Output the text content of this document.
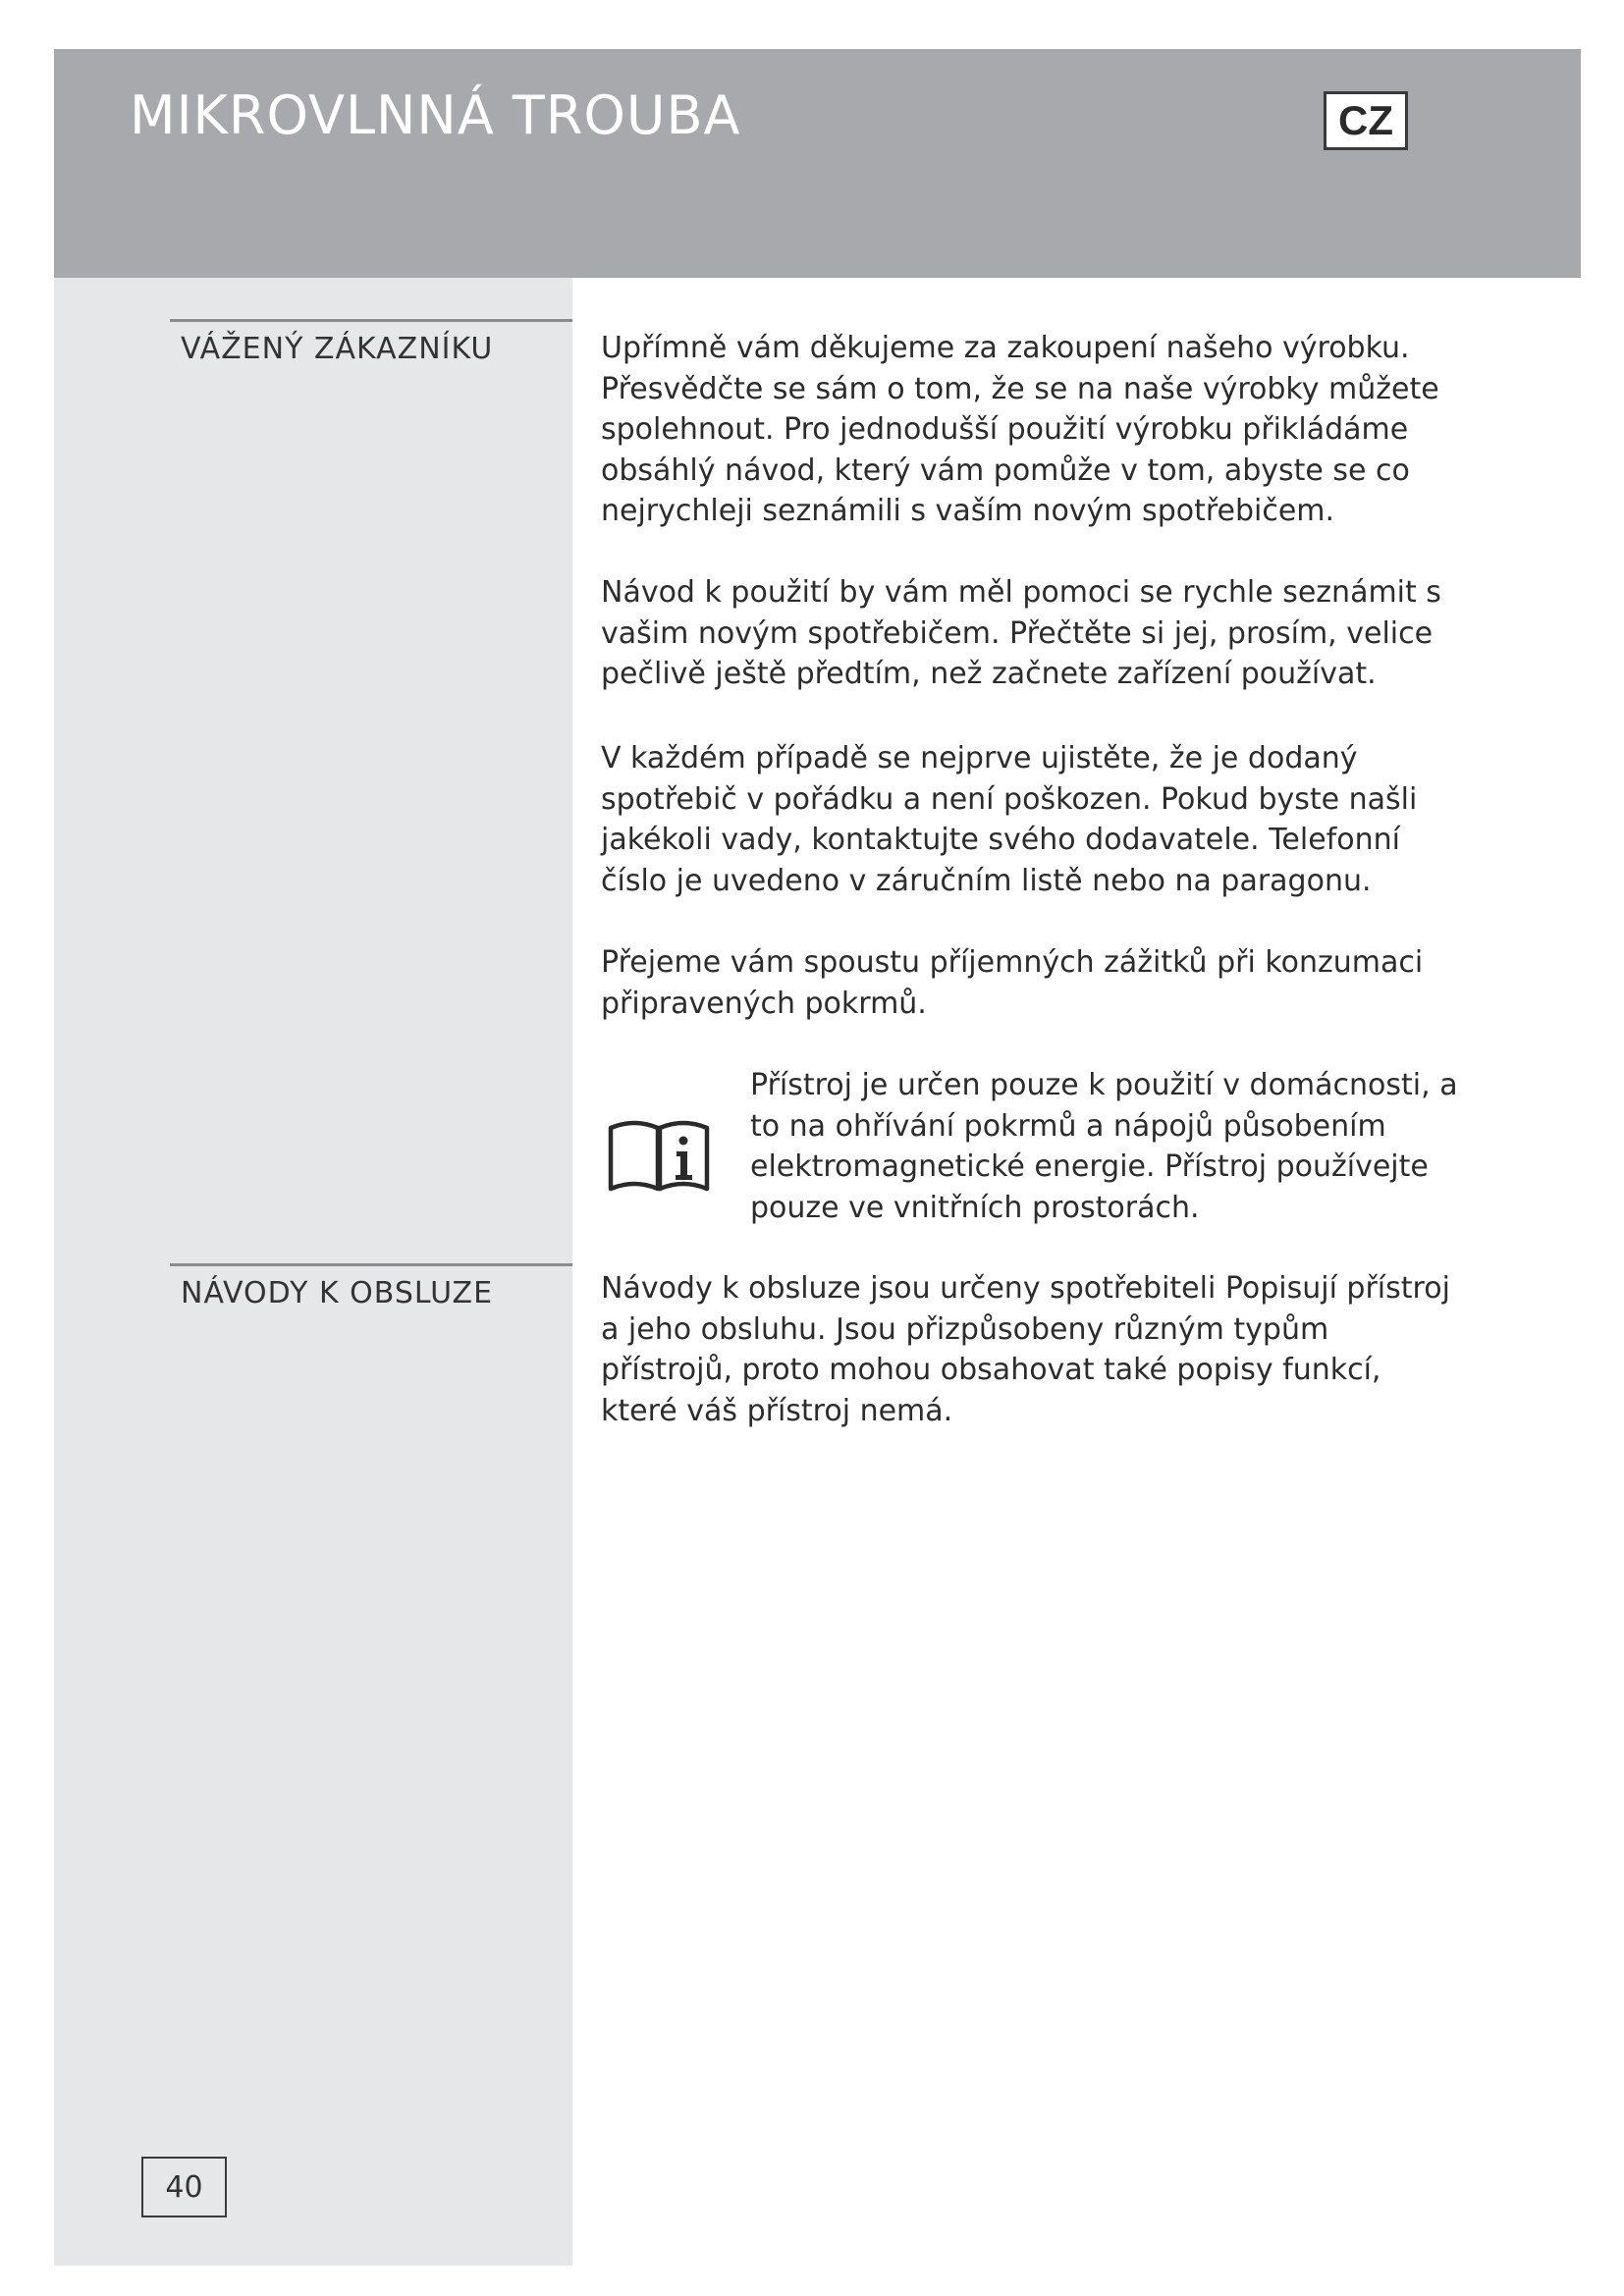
MIKROVLNNÁ TROUBA	CZ
VÁŽENÝ ZÁKAZNÍKU	Upřímně vám děkujeme za zakoupení našeho výrobku. Přesvědčte se sám o tom, že se na naše výrobky můžete spolehnout. Pro jednodušší použití výrobku přikládáme obsáhlý návod, který vám pomůže v tom, abyste se co nejrychleji seznámili s vaším novým spotřebičem.

Návod k použití by vám měl pomoci se rychle seznámit s vašim novým spotřebičem. Přečtěte si jej, prosím, velice pečlivě ještě předtím, než začnete zařízení používat.

V každém případě se nejprve ujistěte, že je dodaný spotřebič v pořádku a není poškozen. Pokud byste našli jakékoli vady, kontaktujte svého dodavatele. Telefonní číslo je uvedeno v záručním listě nebo na paragonu.

Přejeme vám spoustu příjemných zážitků při konzumaci připravených pokrmů.

Přístroj je určen pouze k použití v domácnosti, a to na ohřívání pokrmů a nápojů působením elektromagnetické energie. Přístroj používejte pouze ve vnitřních prostorách.
NÁVODY K OBSLUZE	Návody k obsluze jsou určeny spotřebiteli Popisují přístroj a jeho obsluhu. Jsou přizpůsobeny různým typům přístrojů, proto mohou obsahovat také popisy funkcí, které váš přístroj nemá.

40
